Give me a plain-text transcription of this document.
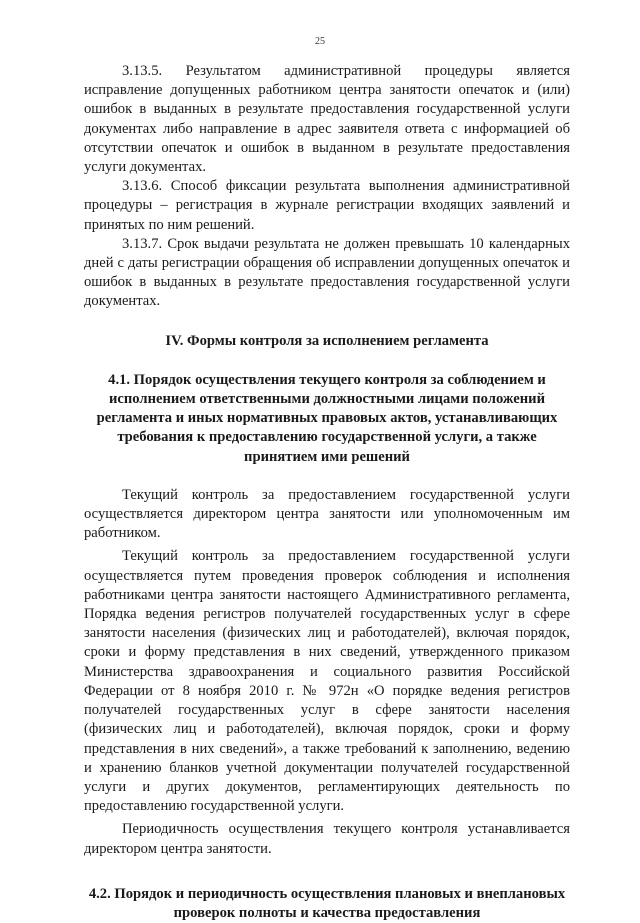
25

3.13.5. Результатом административной процедуры является исправление допущенных работником центра занятости опечаток и (или) ошибок в выданных в результате предоставления государственной услуги документах либо направление в адрес заявителя ответа с информацией об отсутствии опечаток и ошибок в выданном в результате предоставления услуги документах.

3.13.6. Способ фиксации результата выполнения административной процедуры – регистрация в журнале регистрации входящих заявлений и принятых по ним решений.

3.13.7. Срок выдачи результата не должен превышать 10 календарных дней с даты регистрации обращения об исправлении допущенных опечаток и ошибок в выданных в результате предоставления государственной услуги документах.

IV. Формы контроля за исполнением регламента

4.1. Порядок осуществления текущего контроля за соблюдением и исполнением ответственными должностными лицами положений регламента и иных нормативных правовых актов, устанавливающих требования к предоставлению государственной услуги, а также принятием ими решений

Текущий контроль за предоставлением государственной услуги осуществляется директором центра занятости или уполномоченным им работником.

Текущий контроль за предоставлением государственной услуги осуществляется путем проведения проверок соблюдения и исполнения работниками центра занятости настоящего Административного регламента, Порядка ведения регистров получателей государственных услуг в сфере занятости населения (физических лиц и работодателей), включая порядок, сроки и форму представления в них сведений, утвержденного приказом Министерства здравоохранения и социального развития Российской Федерации от 8 ноября 2010 г. № 972н «О порядке ведения регистров получателей государственных услуг в сфере занятости населения (физических лиц и работодателей), включая порядок, сроки и форму представления в них сведений», а также требований к заполнению, ведению и хранению бланков учетной документации получателей государственной услуги и других документов, регламентирующих деятельность по предоставлению государственной услуги.

Периодичность осуществления текущего контроля устанавливается директором центра занятости.

4.2. Порядок и периодичность осуществления плановых и внеплановых проверок полноты и качества предоставления
